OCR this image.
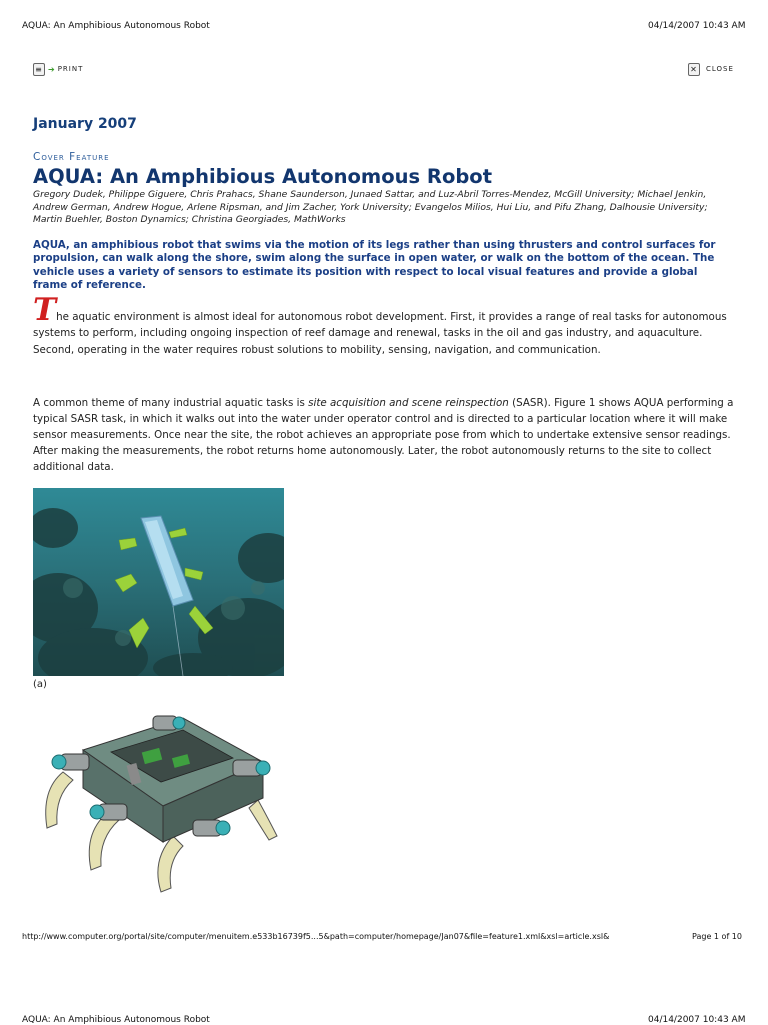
AQUA: An Amphibious Autonomous Robot	04/14/2007 10:43 AM
≡ ➔ PRINT	✕	CLOSE
January 2007
Cover Feature
AQUA: An Amphibious Autonomous Robot
Gregory Dudek, Philippe Giguere, Chris Prahacs, Shane Saunderson, Junaed Sattar, and Luz-Abril Torres-Mendez, McGill University; Michael Jenkin, Andrew German, Andrew Hogue, Arlene Ripsman, and Jim Zacher, York University; Evangelos Milios, Hui Liu, and Pifu Zhang, Dalhousie University; Martin Buehler, Boston Dynamics; Christina Georgiades, MathWorks
AQUA, an amphibious robot that swims via the motion of its legs rather than using thrusters and control surfaces for propulsion, can walk along the shore, swim along the surface in open water, or walk on the bottom of the ocean. The vehicle uses a variety of sensors to estimate its position with respect to local visual features and provide a global frame of reference.
The aquatic environment is almost ideal for autonomous robot development. First, it provides a range of real tasks for autonomous systems to perform, including ongoing inspection of reef damage and renewal, tasks in the oil and gas industry, and aquaculture. Second, operating in the water requires robust solutions to mobility, sensing, navigation, and communication.
A common theme of many industrial aquatic tasks is site acquisition and scene reinspection (SASR). Figure 1 shows AQUA performing a typical SASR task, in which it walks out into the water under operator control and is directed to a particular location where it will make sensor measurements. Once near the site, the robot achieves an appropriate pose from which to undertake extensive sensor readings. After making the measurements, the robot returns home autonomously. Later, the robot autonomously returns to the site to collect additional data.
(a)
http://www.computer.org/portal/site/computer/menuitem.e533b16739f5...5&path=computer/homepage/Jan07&file=feature1.xml&xsl=article.xsl&	Page 1 of 10
AQUA: An Amphibious Autonomous Robot	04/14/2007 10:43 AM
